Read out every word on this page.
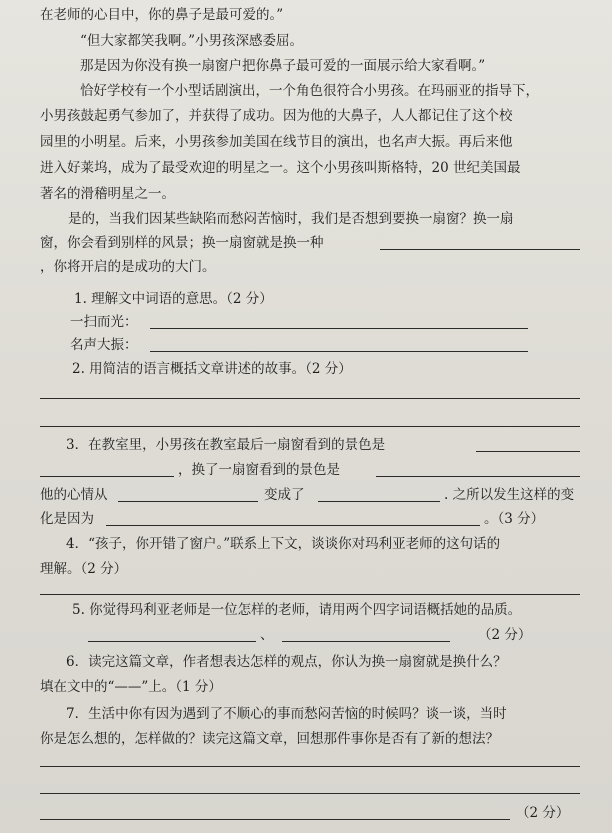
在老师的心目中，你的鼻子是最可爱的。”
“但大家都笑我啊。”小男孩深感委屈。
那是因为你没有换一扇窗户把你鼻子最可爱的一面展示给大家看啊。”
恰好学校有一个小型话剧演出，一个角色很符合小男孩。在玛丽亚的指导下，
小男孩鼓起勇气参加了，并获得了成功。因为他的大鼻子，人人都记住了这个校
园里的小明星。后来，小男孩参加美国在线节目的演出，也名声大振。再后来他
进入好莱坞，成为了最受欢迎的明星之一。这个小男孩叫斯格特，20 世纪美国最
著名的滑稽明星之一。
是的，当我们因某些缺陷而愁闷苦恼时，我们是否想到要换一扇窗？换一扇
窗，你会看到别样的风景；换一扇窗就是换一种
，你将开启的是成功的大门。
1. 理解文中词语的意思。（2 分）
一扫而光：
名声大振：
2. 用简洁的语言概括文章讲述的故事。（2 分）
3．在教室里，小男孩在教室最后一扇窗看到的景色是
，换了一扇窗看到的景色是
他的心情从	变成了	. 之所以发生这样的变
化是因为	。（3 分）
4．“孩子，你开错了窗户。”联系上下文，谈谈你对玛利亚老师的这句话的
理解。（2 分）
5. 你觉得玛利亚老师是一位怎样的老师，请用两个四字词语概括她的品质。
、	（2 分）
6．读完这篇文章，作者想表达怎样的观点，你认为换一扇窗就是换什么？
填在文中的“——”上。（1 分）
7．生活中你有因为遇到了不顺心的事而愁闷苦恼的时候吗？谈一谈，当时
你是怎么想的，怎样做的？读完这篇文章，回想那件事你是否有了新的想法？
（2 分）
